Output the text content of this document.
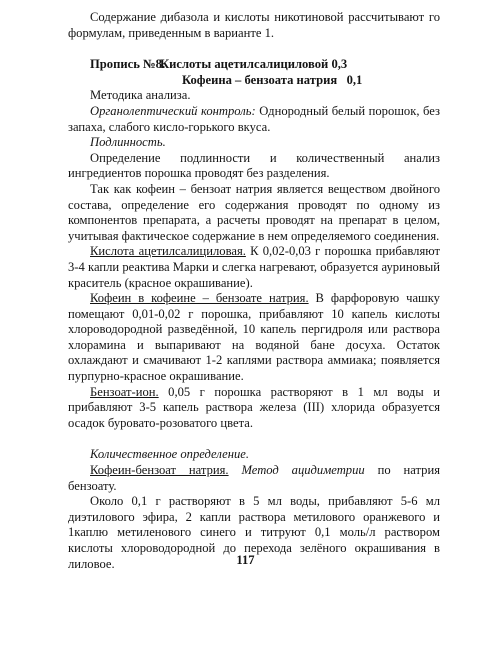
Содержание дибазола и кислоты никотиновой рассчитывают го формулам, приведенным в варианте 1.

Пропись №8.
Кислоты ацетилсалициловой 0,3
Кофеина – бензоата натрия   0,1

Методика анализа.

Органолептический контроль: Однородный белый порошок, без запаха, слабого кисло-горького вкуса.

Подлинность.

Определение подлинности и количественный анализ ингредиентов порошка проводят без разделения.

Так как кофеин – бензоат натрия является веществом двойного состава, определение его содержания проводят по одному из компонентов препарата, а расчеты проводят на препарат в целом, учитывая фактическое содержание в нем определяемого соединения.

Кислота ацетилсалициловая. К 0,02-0,03 г порошка прибавляют 3-4 капли реактива Марки и слегка нагревают, образуется ауриновый краситель (красное окрашивание).

Кофеин в кофеине – бензоате натрия. В фарфоровую чашку помещают 0,01-0,02 г порошка, прибавляют 10 капель кислоты хлороводородной разведённой, 10 капель пергидроля или раствора хлорамина и выпаривают на водяной бане досуха. Остаток охлаждают и смачивают 1-2 каплями раствора аммиака; появляется пурпурно-красное окрашивание.

Бензоат-ион. 0,05 г порошка растворяют в 1 мл воды и прибавляют 3-5 капель раствора железа (III) хлорида образуется осадок буровато-розоватого цвета.

Количественное определение.

Кофеин-бензоат натрия. Метод ацидиметрии по натрия бензоату.

Около 0,1 г растворяют в 5 мл воды, прибавляют 5-6 мл диэтилового эфира, 2 капли раствора метилового оранжевого и 1каплю метиленового синего и титруют 0,1 моль/л раствором кислоты хлороводородной до перехода зелёного окрашивания в лиловое.	117
